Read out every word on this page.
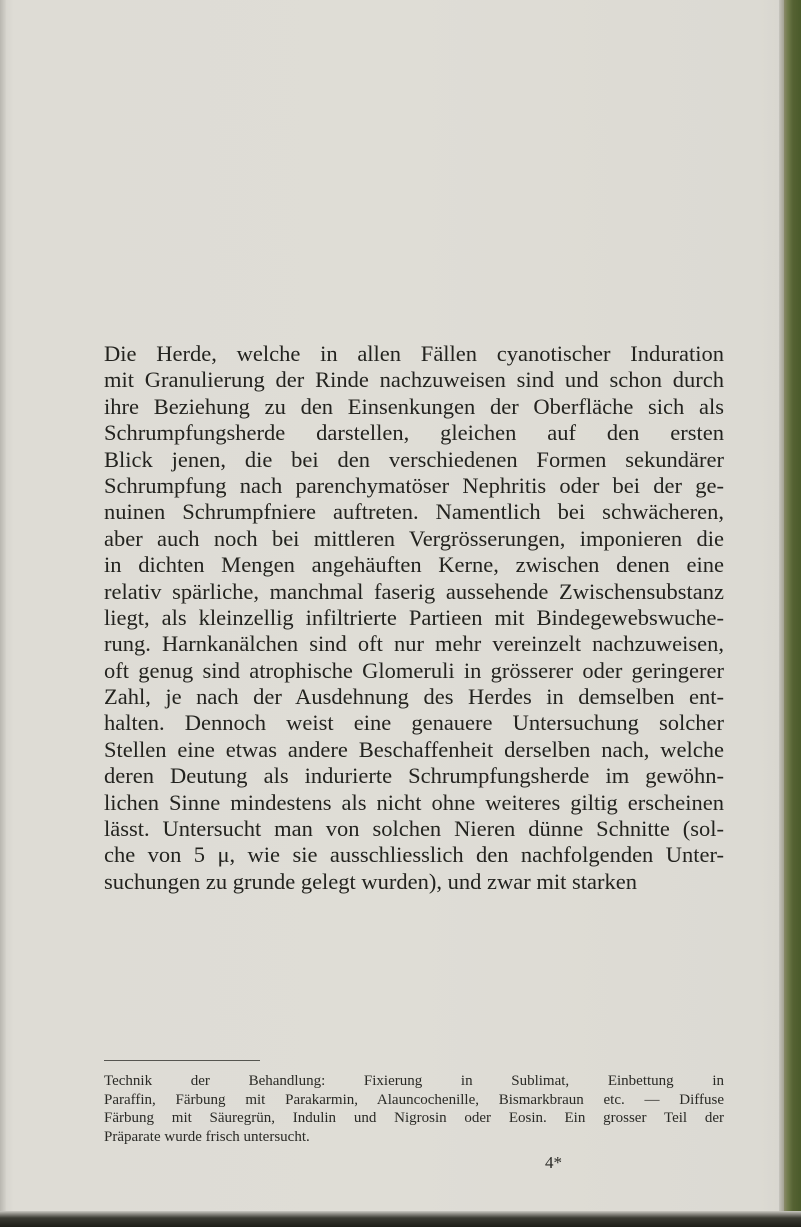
Die Herde, welche in allen Fällen cyanotischer Induration
mit Granulierung der Rinde nachzuweisen sind und schon durch
ihre Beziehung zu den Einsenkungen der Oberfläche sich als
Schrumpfungsherde darstellen, gleichen auf den ersten
Blick jenen, die bei den verschiedenen Formen sekundärer
Schrumpfung nach parenchymatöser Nephritis oder bei der ge-
nuinen Schrumpfniere auftreten. Namentlich bei schwächeren,
aber auch noch bei mittleren Vergrösserungen, imponieren die
in dichten Mengen angehäuften Kerne, zwischen denen eine
relativ spärliche, manchmal faserig aussehende Zwischensubstanz
liegt, als kleinzellig infiltrierte Partieen mit Bindegewebswuche-
rung. Harnkanälchen sind oft nur mehr vereinzelt nachzuweisen,
oft genug sind atrophische Glomeruli in grösserer oder geringerer
Zahl, je nach der Ausdehnung des Herdes in demselben ent-
halten. Dennoch weist eine genauere Untersuchung solcher
Stellen eine etwas andere Beschaffenheit derselben nach, welche
deren Deutung als indurierte Schrumpfungsherde im gewöhn-
lichen Sinne mindestens als nicht ohne weiteres giltig erscheinen
lässt. Untersucht man von solchen Nieren dünne Schnitte (sol-
che von 5 μ, wie sie ausschliesslich den nachfolgenden Unter-
suchungen zu grunde gelegt wurden), und zwar mit starken
Technik der Behandlung: Fixierung in Sublimat, Einbettung in
Paraffin, Färbung mit Parakarmin, Alauncochenille, Bismarkbraun etc. — Diffuse
Färbung mit Säuregrün, Indulin und Nigrosin oder Eosin. Ein grosser Teil der
Präparate wurde frisch untersucht.
4*
